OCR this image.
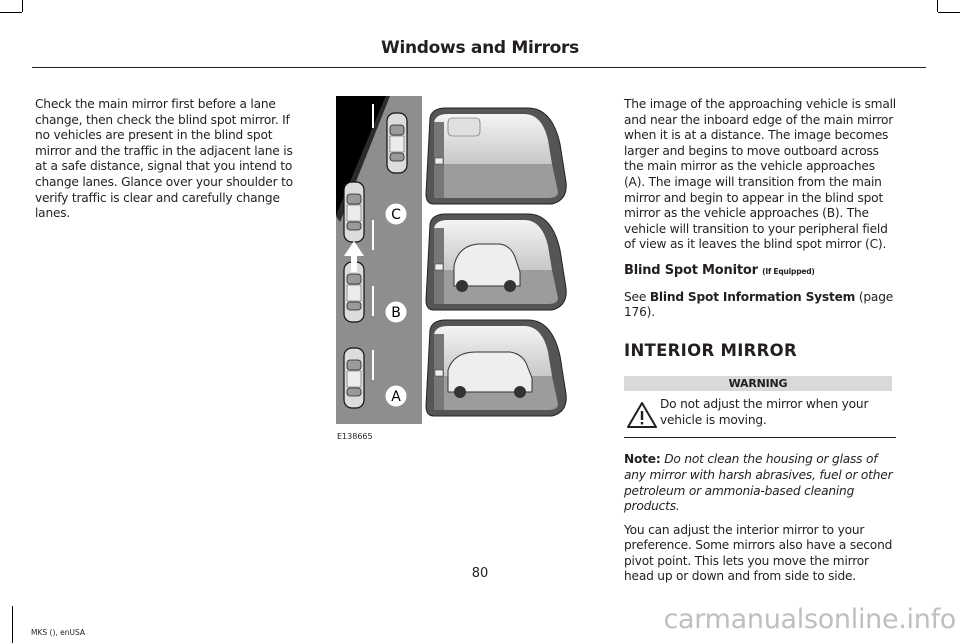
Windows and Mirrors
Check the main mirror first before a lane change, then check the blind spot mirror. If no vehicles are present in the blind spot mirror and the traffic in the adjacent lane is at a safe distance, signal that you intend to change lanes. Glance over your shoulder to verify traffic is clear and carefully change lanes.	C
B
A
E138665

The image of the approaching vehicle is small and near the inboard edge of the main mirror when it is at a distance. The image becomes larger and begins to move outboard across the main mirror as the vehicle approaches (A). The image will transition from the main mirror and begin to appear in the blind spot mirror as the vehicle approaches (B). The vehicle will transition to your peripheral field of view as it leaves the blind spot mirror (C).

Blind Spot Monitor (If Equipped)

See Blind Spot Information System (page 176).

INTERIOR MIRROR
WARNING
Do not adjust the mirror when your vehicle is moving.

Note: Do not clean the housing or glass of any mirror with harsh abrasives, fuel or other petroleum or ammonia-based cleaning products.

You can adjust the interior mirror to your preference. Some mirrors also have a second pivot point. This lets you move the mirror head up or down and from side to side.

80
MKS (), enUSA	carmanualsonline.info
